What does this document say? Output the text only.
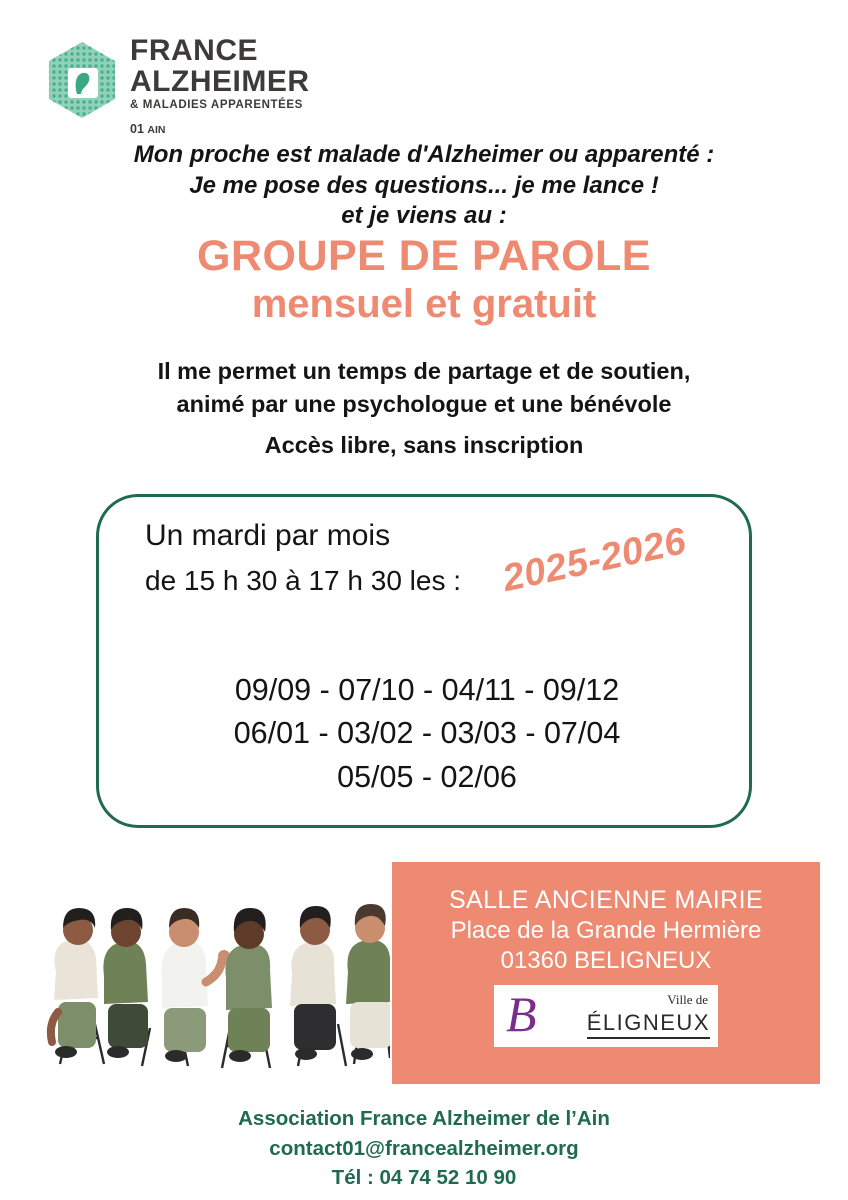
FRANCE
ALZHEIMER
& MALADIES APPARENTÉES
01 AIN
Mon proche est malade d'Alzheimer ou apparenté :
Je me pose des questions... je me lance !
et je viens au :
GROUPE DE PAROLE
mensuel et gratuit
Il me permet un temps de partage et de soutien,
animé par une psychologue et une bénévole
Accès libre, sans inscription
Un mardi par mois
de 15 h 30 à 17 h 30 les : 2025-2026
09/09 - 07/10 - 04/11 - 09/12
06/01 - 03/02 - 03/03 - 07/04
05/05 - 02/06
SALLE ANCIENNE MAIRIE
Place de la Grande Hermière
01360 BELIGNEUX
B	Ville de
ÉLIGNEUX
Association France Alzheimer de l’Ain
contact01@francealzheimer.org
Tél : 04 74 52 10 90
